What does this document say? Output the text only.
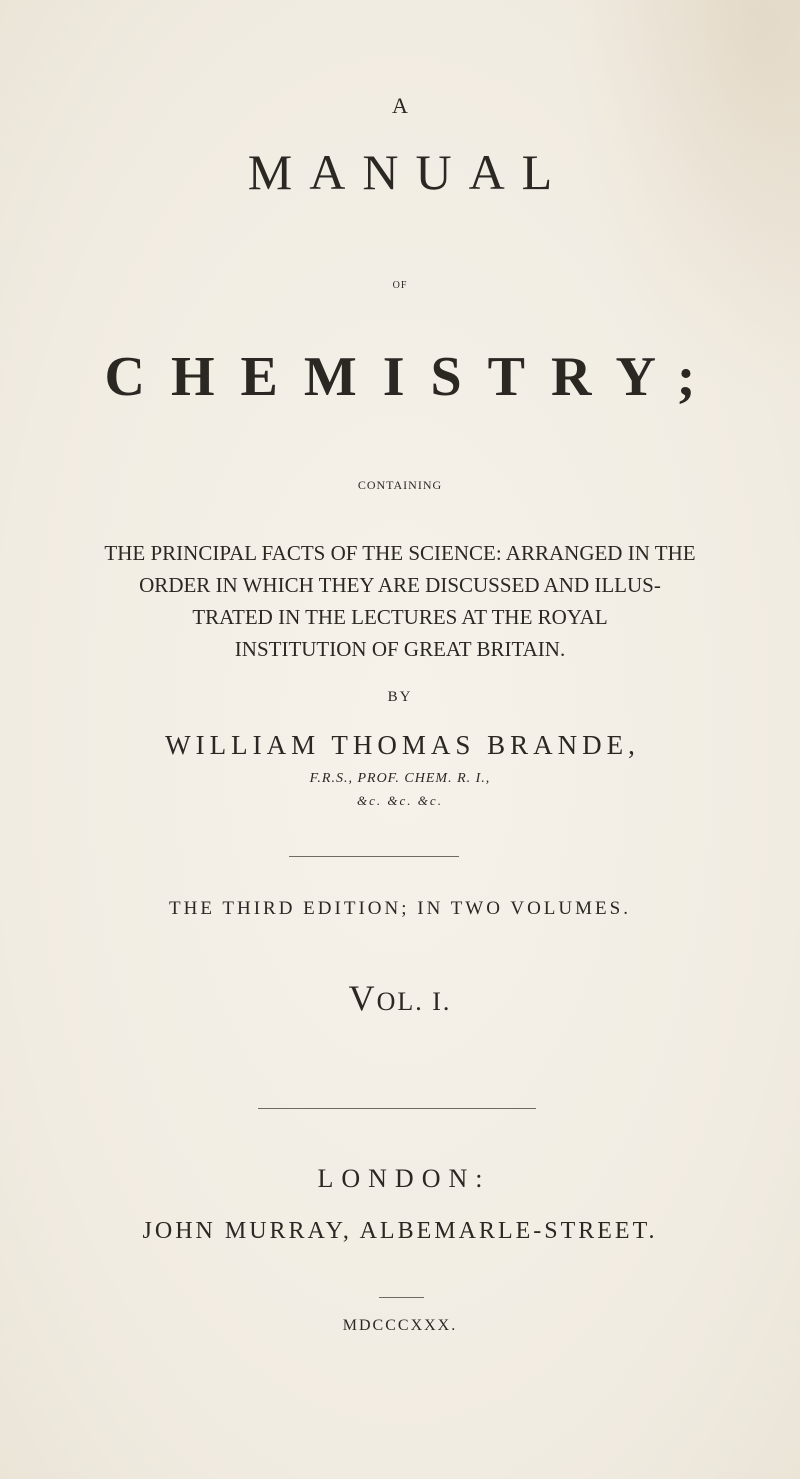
A
MANUAL
OF
CHEMISTRY;
CONTAINING
THE PRINCIPAL FACTS OF THE SCIENCE: ARRANGED IN THE
ORDER IN WHICH THEY ARE DISCUSSED AND ILLUS-
TRATED IN THE LECTURES AT THE ROYAL
INSTITUTION OF GREAT BRITAIN.
BY
WILLIAM THOMAS BRANDE,
F.R.S., PROF. CHEM. R. I.,
&c. &c. &c.
THE THIRD EDITION; IN TWO VOLUMES.
VOL. I.
LONDON:
JOHN MURRAY, ALBEMARLE-STREET.
MDCCCXXX.
